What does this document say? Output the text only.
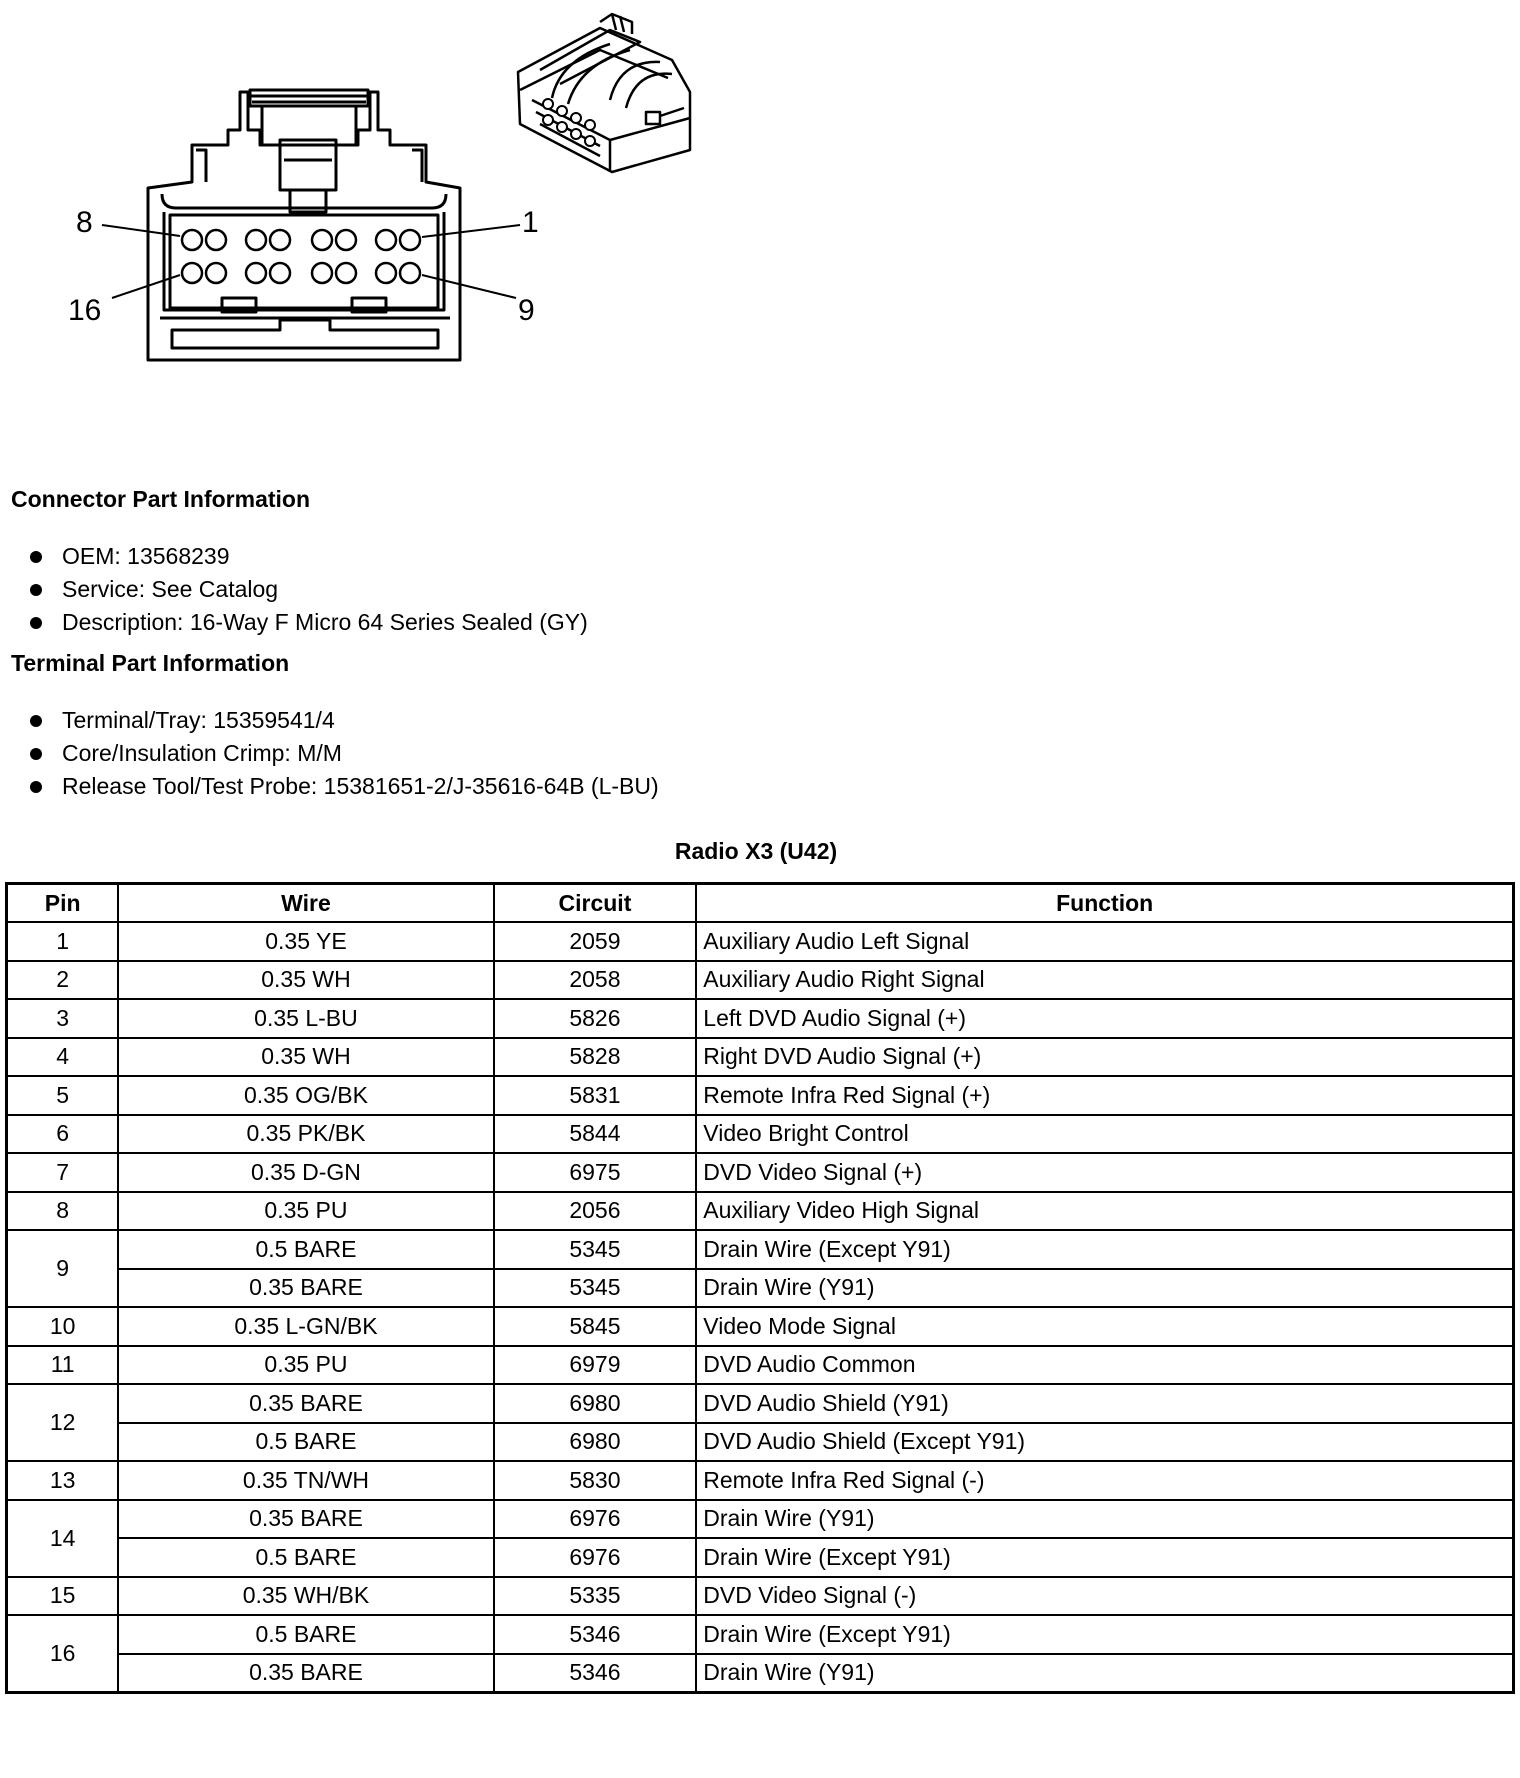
8	1
16	9
Connector Part Information
OEM: 13568239
Service: See Catalog
Description: 16-Way F Micro 64 Series Sealed (GY)
Terminal Part Information
Terminal/Tray: 15359541/4
Core/Insulation Crimp: M/M
Release Tool/Test Probe: 15381651-2/J-35616-64B (L-BU)
Radio X3 (U42)
Pin	Wire	Circuit	Function
1	0.35 YE	2059	Auxiliary Audio Left Signal
2	0.35 WH	2058	Auxiliary Audio Right Signal
3	0.35 L-BU	5826	Left DVD Audio Signal (+)
4	0.35 WH	5828	Right DVD Audio Signal (+)
5	0.35 OG/BK	5831	Remote Infra Red Signal (+)
6	0.35 PK/BK	5844	Video Bright Control
7	0.35 D-GN	6975	DVD Video Signal (+)
8	0.35 PU	2056	Auxiliary Video High Signal
9	0.5 BARE	5345	Drain Wire (Except Y91)
	0.35 BARE	5345	Drain Wire (Y91)
10	0.35 L-GN/BK	5845	Video Mode Signal
11	0.35 PU	6979	DVD Audio Common
12	0.35 BARE	6980	DVD Audio Shield (Y91)
	0.5 BARE	6980	DVD Audio Shield (Except Y91)
13	0.35 TN/WH	5830	Remote Infra Red Signal (-)
14	0.35 BARE	6976	Drain Wire (Y91)
	0.5 BARE	6976	Drain Wire (Except Y91)
15	0.35 WH/BK	5335	DVD Video Signal (-)
16	0.5 BARE	5346	Drain Wire (Except Y91)
	0.35 BARE	5346	Drain Wire (Y91)
